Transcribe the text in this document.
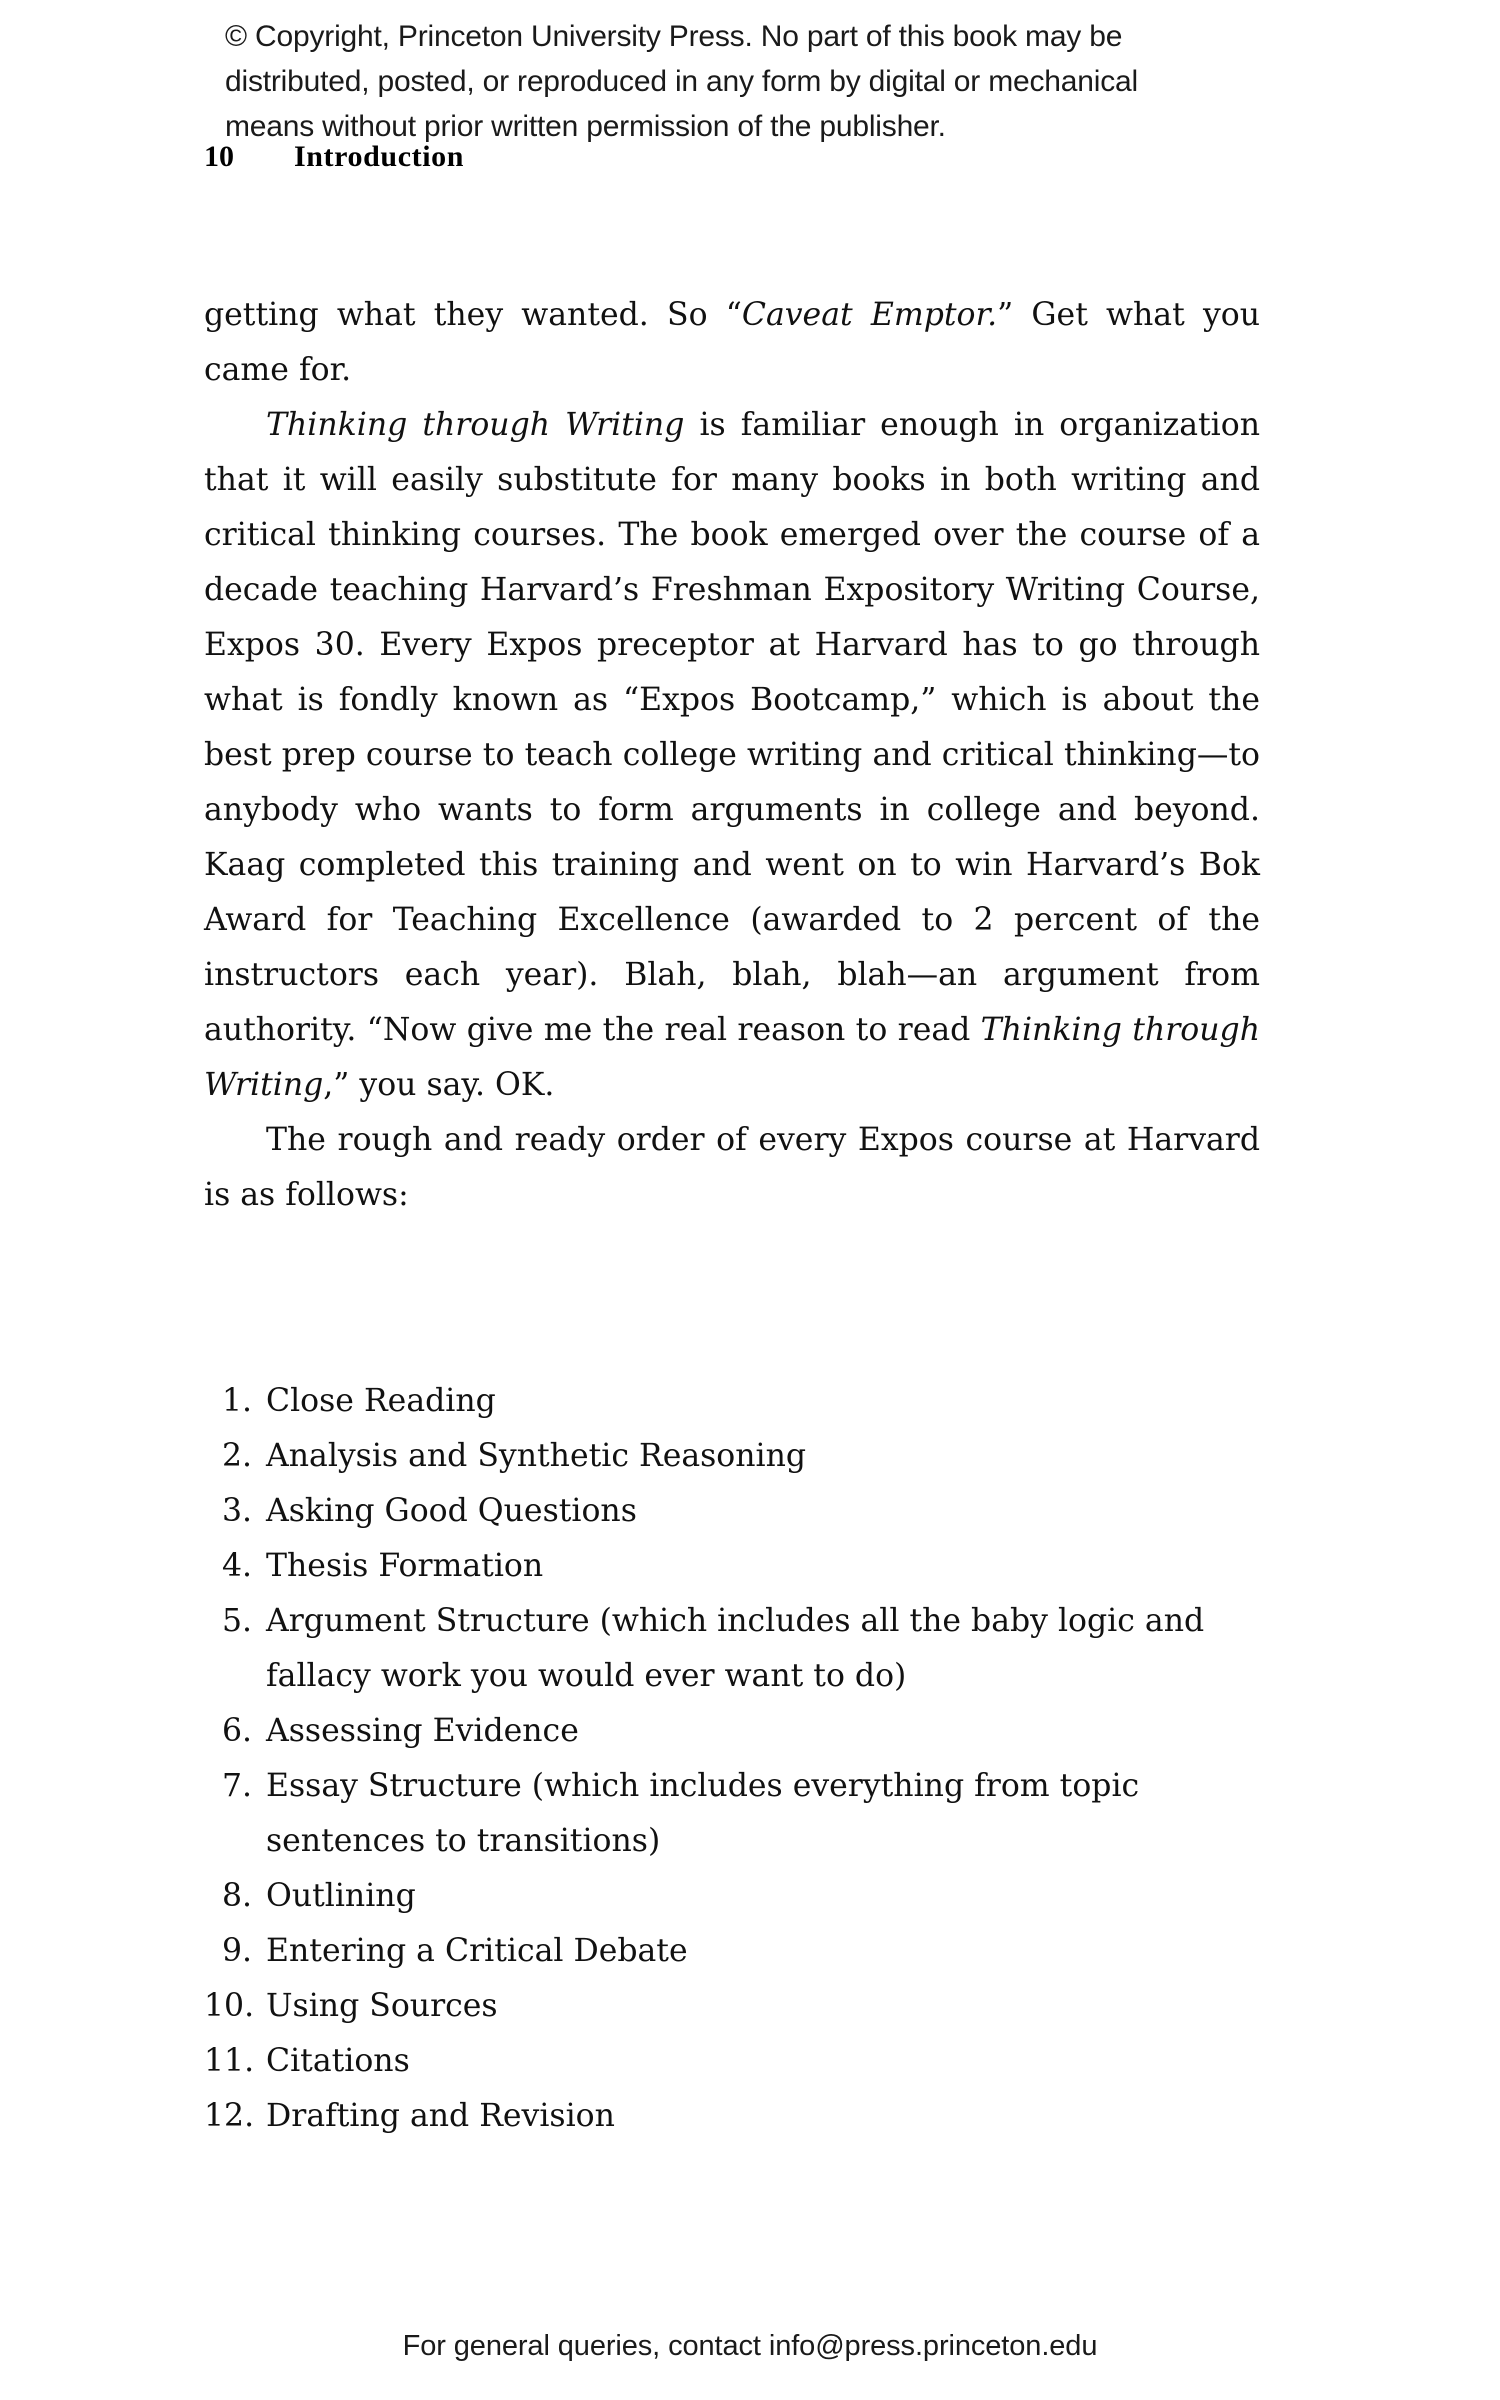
© Copyright, Princeton University Press. No part of this book may be
distributed, posted, or reproduced in any form by digital or mechanical
means without prior written permission of the publisher.
10	Introduction

getting what they wanted. So “Caveat Emptor.” Get what you came for.

Thinking through Writing is familiar enough in organization that it will easily substitute for many books in both writing and critical thinking courses. The book emerged over the course of a decade teaching Harvard’s Freshman Expository Writing Course, Expos 30. Every Expos preceptor at Harvard has to go through what is fondly known as “Expos Bootcamp,” which is about the best prep course to teach college writing and critical thinking—to anybody who wants to form arguments in college and beyond. Kaag completed this training and went on to win Harvard’s Bok Award for Teaching Excellence (awarded to 2 percent of the instructors each year). Blah, blah, blah—an argument from authority. “Now give me the real reason to read Thinking through Writing,” you say. OK.

The rough and ready order of every Expos course at Harvard is as follows:

1. Close Reading
2. Analysis and Synthetic Reasoning
3. Asking Good Questions
4. Thesis Formation
5. Argument Structure (which includes all the baby logic and fallacy work you would ever want to do)
6. Assessing Evidence
7. Essay Structure (which includes everything from topic sentences to transitions)
8. Outlining
9. Entering a Critical Debate
10. Using Sources
11. Citations
12. Drafting and Revision
For general queries, contact info@press.princeton.edu
